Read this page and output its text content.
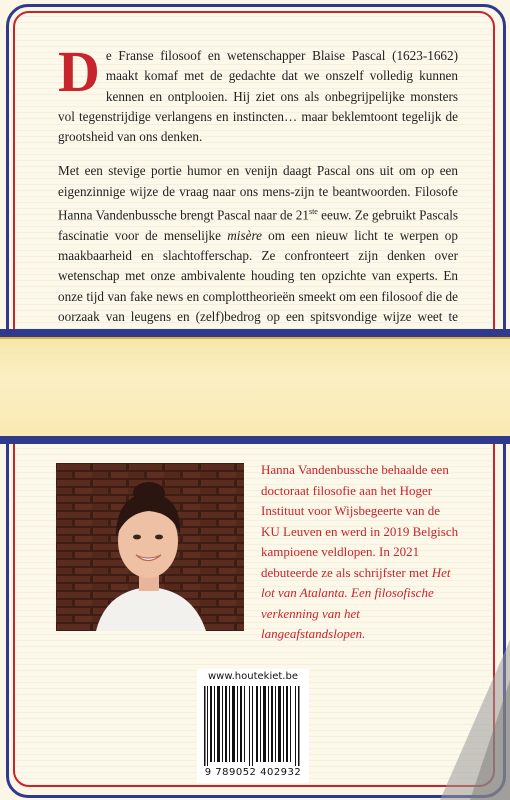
De Franse filosoof en wetenschapper Blaise Pascal (1623-1662) maakt komaf met de gedachte dat we onszelf volledig kunnen kennen en ontplooien. Hij ziet ons als onbegrijpelijke monsters vol tegenstrijdige verlangens en instincten… maar beklemtoont tegelijk de grootsheid van ons denken.

Met een stevige portie humor en venijn daagt Pascal ons uit om op een eigenzinnige wijze de vraag naar ons mens-zijn te beantwoorden. Filosofe Hanna Vandenbussche brengt Pascal naar de 21ste eeuw. Ze gebruikt Pascals fascinatie voor de menselijke misère om een nieuw licht te werpen op maakbaarheid en slachtofferschap. Ze confronteert zijn denken over wetenschap met onze ambivalente houding ten opzichte van experts. En onze tijd van fake news en complottheorieën smeekt om een filosoof die de oorzaak van leugens en (zelf)bedrog op een spitsvondige wijze weet te

Hanna Vandenbussche behaalde een doctoraat filosofie aan het Hoger Instituut voor Wijsbegeerte van de KU Leuven en werd in 2019 Belgisch kampioene veldlopen. In 2021 debuteerde ze als schrijfster met Het lot van Atalanta. Een filosofische verkenning van het langeafstandslopen.
www.houtekiet.be
9 789052 402932
